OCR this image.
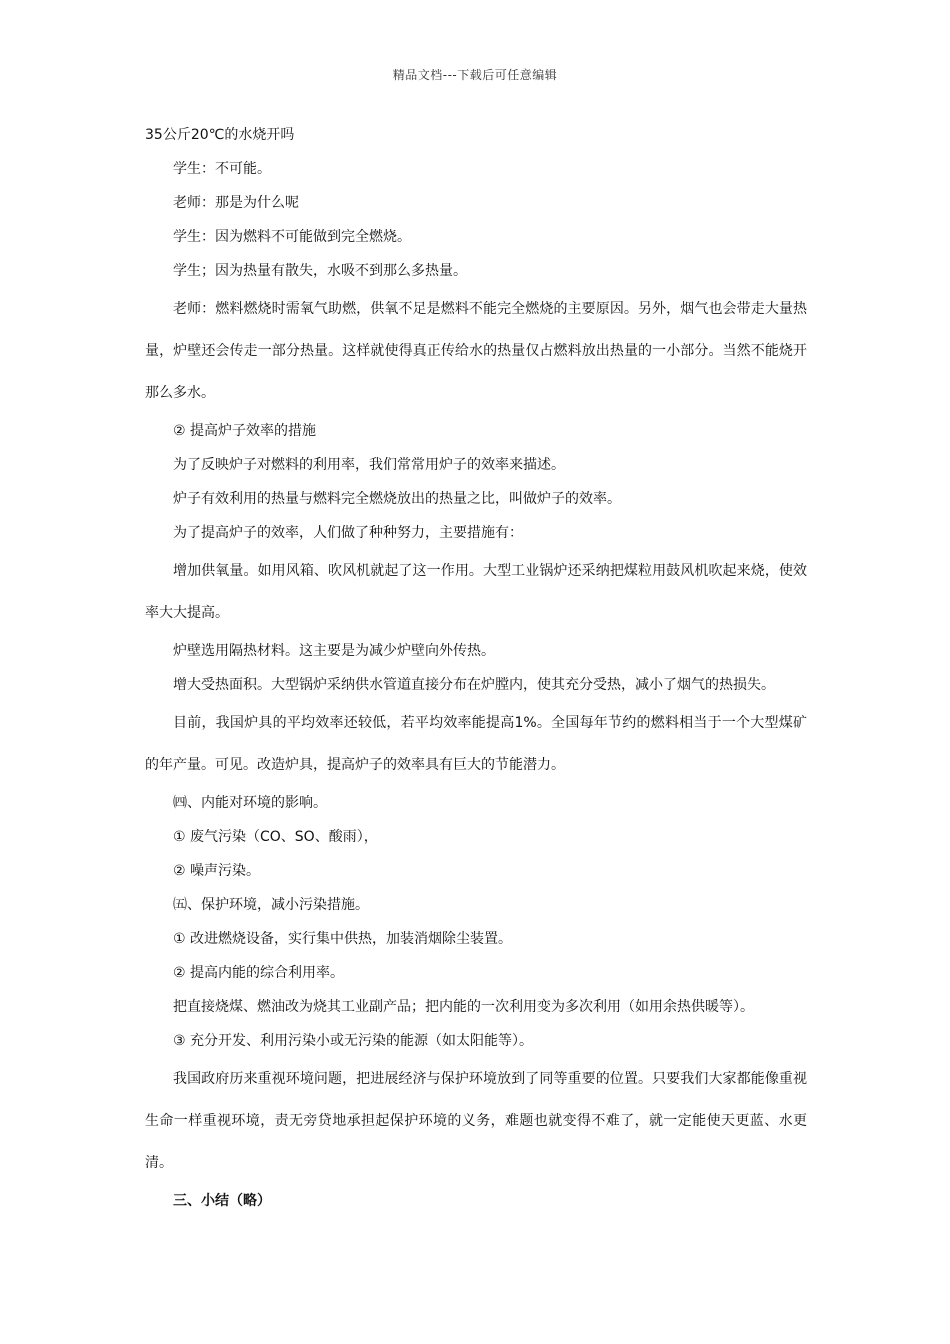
精品文档---下载后可任意编辑

35公斤20℃的水烧开吗

学生：不可能。

老师：那是为什么呢

学生：因为燃料不可能做到完全燃烧。

学生；因为热量有散失，水吸不到那么多热量。

老师：燃料燃烧时需氧气助燃，供氧不足是燃料不能完全燃烧的主要原因。另外，烟气也会带走大量热量，炉壁还会传走一部分热量。这样就使得真正传给水的热量仅占燃料放出热量的一小部分。当然不能烧开那么多水。

② 提高炉子效率的措施

为了反映炉子对燃料的利用率，我们常常用炉子的效率来描述。

炉子有效利用的热量与燃料完全燃烧放出的热量之比，叫做炉子的效率。

为了提高炉子的效率，人们做了种种努力，主要措施有：

增加供氧量。如用风箱、吹风机就起了这一作用。大型工业锅炉还采纳把煤粒用鼓风机吹起来烧，使效率大大提高。

炉壁选用隔热材料。这主要是为减少炉壁向外传热。

增大受热面积。大型锅炉采纳供水管道直接分布在炉膛内，使其充分受热，减小了烟气的热损失。

目前，我国炉具的平均效率还较低，若平均效率能提高1%。全国每年节约的燃料相当于一个大型煤矿的年产量。可见。改造炉具，提高炉子的效率具有巨大的节能潜力。

㈣、内能对环境的影响。

① 废气污染（CO、SO、酸雨），

② 噪声污染。

㈤、保护环境，减小污染措施。

① 改进燃烧设备，实行集中供热，加装消烟除尘装置。

② 提高内能的综合利用率。

把直接烧煤、燃油改为烧其工业副产品；把内能的一次利用变为多次利用（如用余热供暖等）。

③ 充分开发、利用污染小或无污染的能源（如太阳能等）。

我国政府历来重视环境问题，把进展经济与保护环境放到了同等重要的位置。只要我们大家都能像重视生命一样重视环境，责无旁贷地承担起保护环境的义务，难题也就变得不难了，就一定能使天更蓝、水更清。

三、小结（略）
